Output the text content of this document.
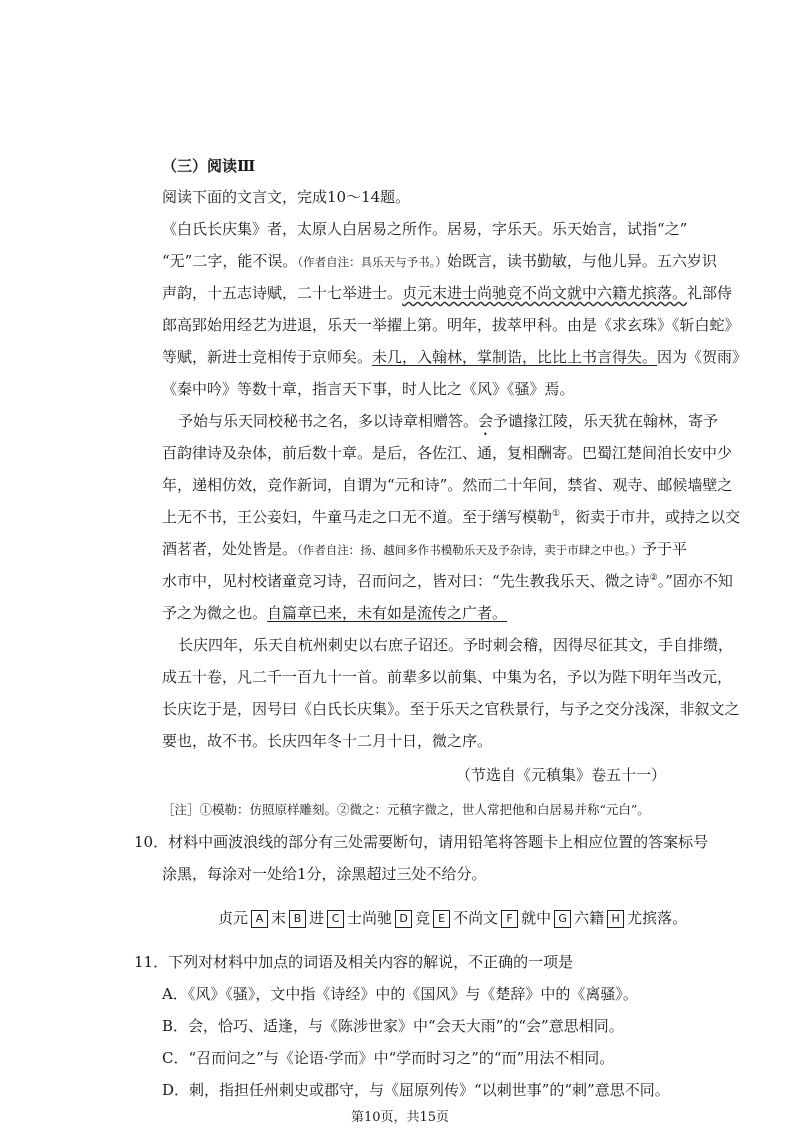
（三）阅读Ⅲ
阅读下面的文言文，完成10～14题。
《白氏长庆集》者，太原人白居易之所作。居易，字乐天。乐天始言，试指“之”
“无”二字，能不误。（作者自注：具乐天与予书。）始既言，读书勤敏，与他儿异。五六岁识
声韵，十五志诗赋，二十七举进士。贞元末进士尚驰竞不尚文就中六籍尤摈落。礼部侍
郎高郢始用经艺为进退，乐天一举擢上第。明年，拔萃甲科。由是《求玄珠》《斩白蛇》
等赋，新进士竞相传于京师矣。未几，入翰林，掌制诰，比比上书言得失。因为《贺雨》
《秦中吟》等数十章，指言天下事，时人比之《风》《骚》焉。
予始与乐天同校秘书之名，多以诗章相赠答。会予谴掾江陵，乐天犹在翰林，寄予
百韵律诗及杂体，前后数十章。是后，各佐江、通，复相酬寄。巴蜀江楚间洎长安中少
年，递相仿效，竞作新词，自谓为“元和诗”。然而二十年间，禁省、观寺、邮候墙壁之
上无不书，王公妾妇，牛童马走之口无不道。至于缮写模勒①，衒卖于市井，或持之以交
酒茗者，处处皆是。（作者自注：扬、越间多作书模勒乐天及予杂诗，卖于市肆之中也。）予于平
水市中，见村校诸童竞习诗，召而问之，皆对曰：“先生教我乐天、微之诗②。”固亦不知
予之为微之也。自篇章已来，未有如是流传之广者。
长庆四年，乐天自杭州刺史以右庶子诏还。予时刺会稽，因得尽征其文，手自排缵，
成五十卷，凡二千一百九十一首。前辈多以前集、中集为名，予以为陛下明年当改元，
长庆讫于是，因号曰《白氏长庆集》。至于乐天之官秩景行，与予之交分浅深，非叙文之
要也，故不书。长庆四年冬十二月十日，微之序。
（节选自《元稹集》卷五十一）
［注］①模勒：仿照原样雕刻。②微之：元稹字微之，世人常把他和白居易并称“元白”。
10．材料中画波浪线的部分有三处需要断句，请用铅笔将答题卡上相应位置的答案标号
涂黑，每涂对一处给1分，涂黑超过三处不给分。
贞元 A 末 B 进 C 士尚驰 D 竞 E 不尚文 F 就中 G 六籍 H 尤摈落。
11．下列对材料中加点的词语及相关内容的解说，不正确的一项是
A．《风》《骚》，文中指《诗经》中的《国风》与《楚辞》中的《离骚》。
B．会，恰巧、适逢，与《陈涉世家》中“会天大雨”的“会”意思相同。
C．“召而问之”与《论语·学而》中“学而时习之”的“而”用法不相同。
D．刺，指担任州刺史或郡守，与《屈原列传》“以刺世事”的“刺”意思不同。
第10页，共15页
